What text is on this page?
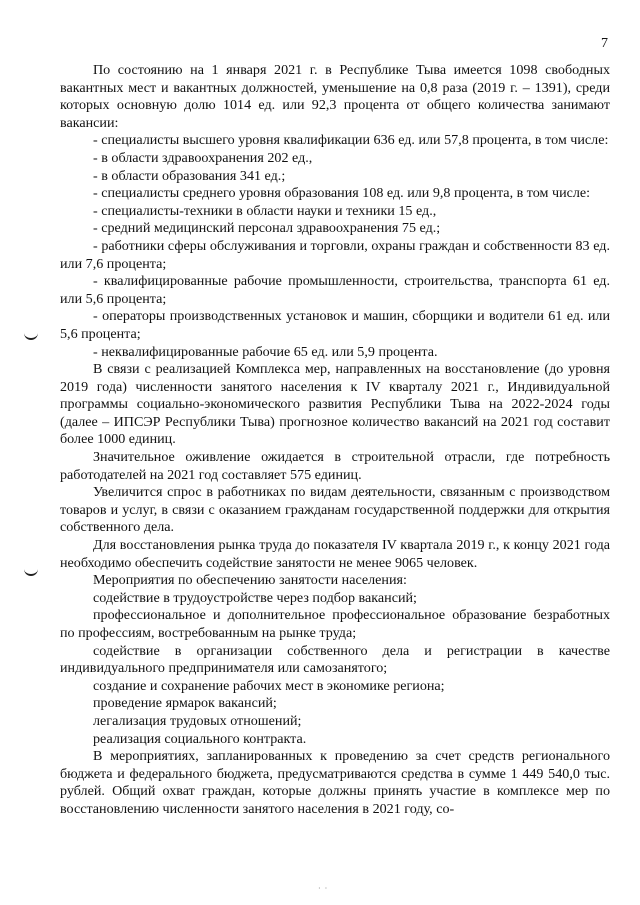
7
· ·

По состоянию на 1 января 2021 г. в Республике Тыва имеется 1098 свободных вакантных мест и вакантных должностей, уменьшение на 0,8 раза (2019 г. – 1391), среди которых основную долю 1014 ед. или 92,3 процента от общего количества занимают вакансии:

- специалисты высшего уровня квалификации 636 ед. или 57,8 процента, в том числе:

- в области здравоохранения 202 ед.,

- в области образования 341 ед.;

- специалисты среднего уровня образования 108 ед. или 9,8 процента, в том числе:

- специалисты-техники в области науки и техники 15 ед.,

- средний медицинский персонал здравоохранения 75 ед.;

- работники сферы обслуживания и торговли, охраны граждан и собственности 83 ед. или 7,6 процента;

- квалифицированные рабочие промышленности, строительства, транспорта 61 ед. или 5,6 процента;

- операторы производственных установок и машин, сборщики и водители 61 ед. или 5,6 процента;

- неквалифицированные рабочие 65 ед. или 5,9 процента.

В связи с реализацией Комплекса мер, направленных на восстановление (до уровня 2019 года) численности занятого населения к IV кварталу 2021 г., Индивидуальной программы социально-экономического развития Республики Тыва на 2022-2024 годы (далее – ИПСЭР Республики Тыва) прогнозное количество вакансий на 2021 год составит более 1000 единиц.

Значительное оживление ожидается в строительной отрасли, где потребность работодателей на 2021 год составляет 575 единиц.

Увеличится спрос в работниках по видам деятельности, связанным с производством товаров и услуг, в связи с оказанием гражданам государственной поддержки для открытия собственного дела.

Для восстановления рынка труда до показателя IV квартала 2019 г., к концу 2021 года необходимо обеспечить содействие занятости не менее 9065 человек.

Мероприятия по обеспечению занятости населения:

содействие в трудоустройстве через подбор вакансий;

профессиональное и дополнительное профессиональное образование безработных по профессиям, востребованным на рынке труда;

содействие в организации собственного дела и регистрации в качестве индивидуального предпринимателя или самозанятого;

создание и сохранение рабочих мест в экономике региона;

проведение ярмарок вакансий;

легализация трудовых отношений;

реализация социального контракта.

В мероприятиях, запланированных к проведению за счет средств регионального бюджета и федерального бюджета, предусматриваются средства в сумме 1 449 540,0 тыс. рублей. Общий охват граждан, которые должны принять участие в комплексе мер по восстановлению численности занятого населения в 2021 году, со-
